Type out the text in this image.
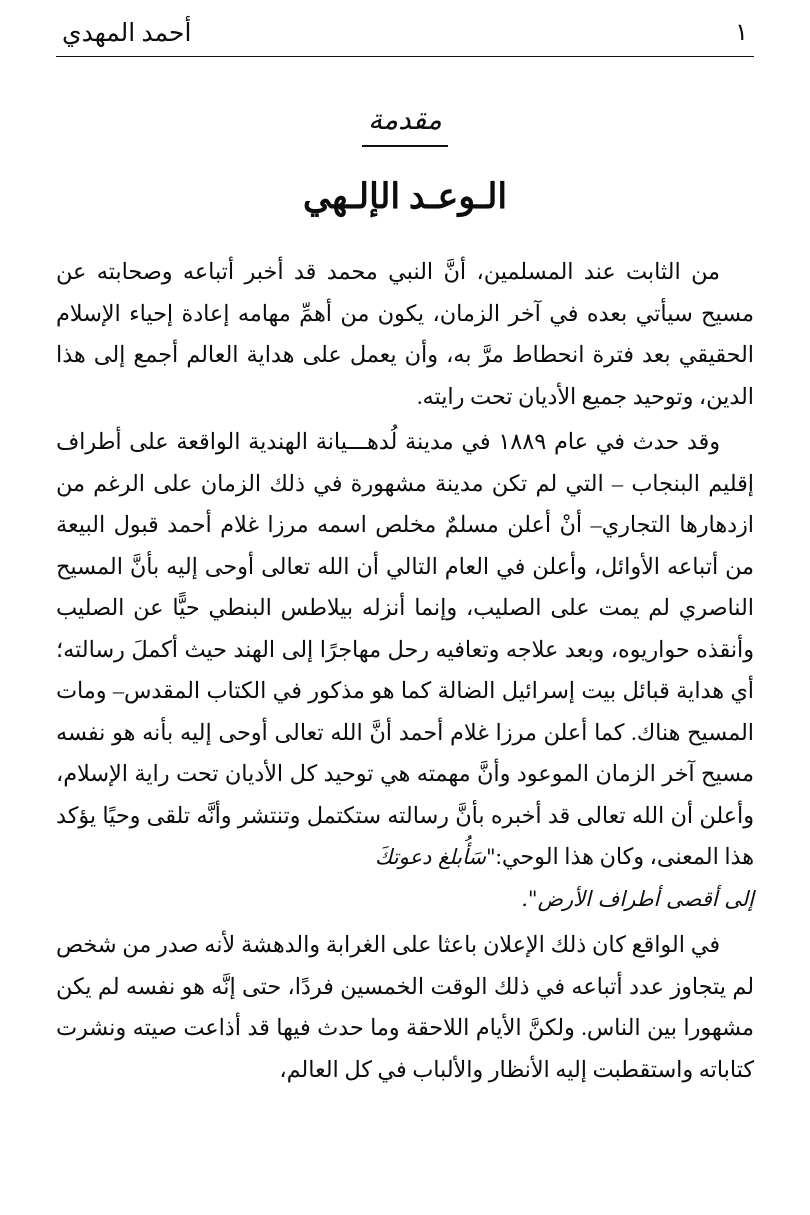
أحمد المهدي	١
مقدمة
الـوعـد الإلـهي

من الثابت عند المسلمين، أنَّ النبي محمد قد أخبر أتباعه وصحابته عن مسيح سيأتي بعده في آخر الزمان، يكون من أهمِّ مهامه إعادة إحياء الإسلام الحقيقي بعد فترة انحطاط مرَّ به، وأن يعمل على هداية العالم أجمع إلى هذا الدين، وتوحيد جميع الأديان تحت رايته.

وقد حدث في عام ١٨٨٩ في مدينة لُدهـــيانة الهندية الواقعة على أطراف إقليم البنجاب – التي لم تكن مدينة مشهورة في ذلك الزمان على الرغم من ازدهارها التجاري– أنْ أعلن مسلمٌ مخلص اسمه مرزا غلام أحمد قبول البيعة من أتباعه الأوائل، وأعلن في العام التالي أن الله تعالى أوحى إليه بأنَّ المسيح الناصري لم يمت على الصليب، وإنما أنزله بيلاطس البنطي حيًّا عن الصليب وأنقذه حواريوه، وبعد علاجه وتعافيه رحل مهاجرًا إلى الهند حيث أكملَ رسالته؛ أي هداية قبائل بيت إسرائيل الضالة كما هو مذكور في الكتاب المقدس– ومات المسيح هناك. كما أعلن مرزا غلام أحمد أنَّ الله تعالى أوحى إليه بأنه هو نفسه مسيح آخر الزمان الموعود وأنَّ مهمته هي توحيد كل الأديان تحت راية الإسلام، وأعلن أن الله تعالى قد أخبره بأنَّ رسالته ستكتمل وتنتشر وأنَّه تلقى وحيًا يؤكد هذا المعنى، وكان هذا الوحي:"سَأُبلغ دعوتكَ
إلى أقصى أطراف الأرض".

في الواقع كان ذلك الإعلان باعثا على الغرابة والدهشة لأنه صدر من شخص لم يتجاوز عدد أتباعه في ذلك الوقت الخمسين فردًا، حتى إنَّه هو نفسه لم يكن مشهورا بين الناس. ولكنَّ الأيام اللاحقة وما حدث فيها قد أذاعت صيته ونشرت كتاباته واستقطبت إليه الأنظار والألباب في كل العالم،
